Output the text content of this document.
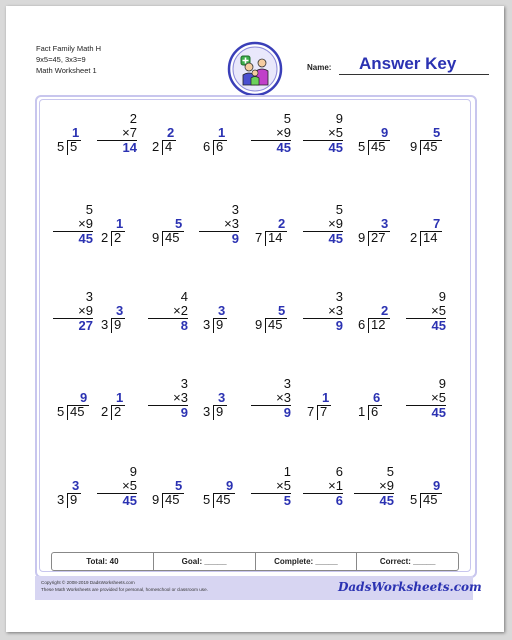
Fact Family Math H
9x5=45, 3x3=9
Math Worksheet 1	Name: Answer Key
1
5 5
2
×7
14
2
2 4
1
6 6
5
×9
45
9
×5
45
9
5 45
5
9 45
5
×9
45
1
2 2
5
9 45
3
×3
9
2
7 14
5
×9
45
3
9 27
7
2 14
3
×9
27
3
3 9
4
×2
8
3
3 9
5
9 45
3
×3
9
2
6 12
9
×5
45
9
5 45
1
2 2
3
×3
9
3
3 9
3
×3
9
1
7 7
6
1 6
9
×5
45
3
3 9
9
×5
45
5
9 45
9
5 45
1
×5
5
6
×1
6
5
×9
45
9
5 45
Total: 40	Goal: _____	Complete: _____	Correct: _____
Copyright © 2008-2019 DadsWorksheets.com
These Math Worksheets are provided for personal, homeschool or classroom use.	DadsWorksheets.com
